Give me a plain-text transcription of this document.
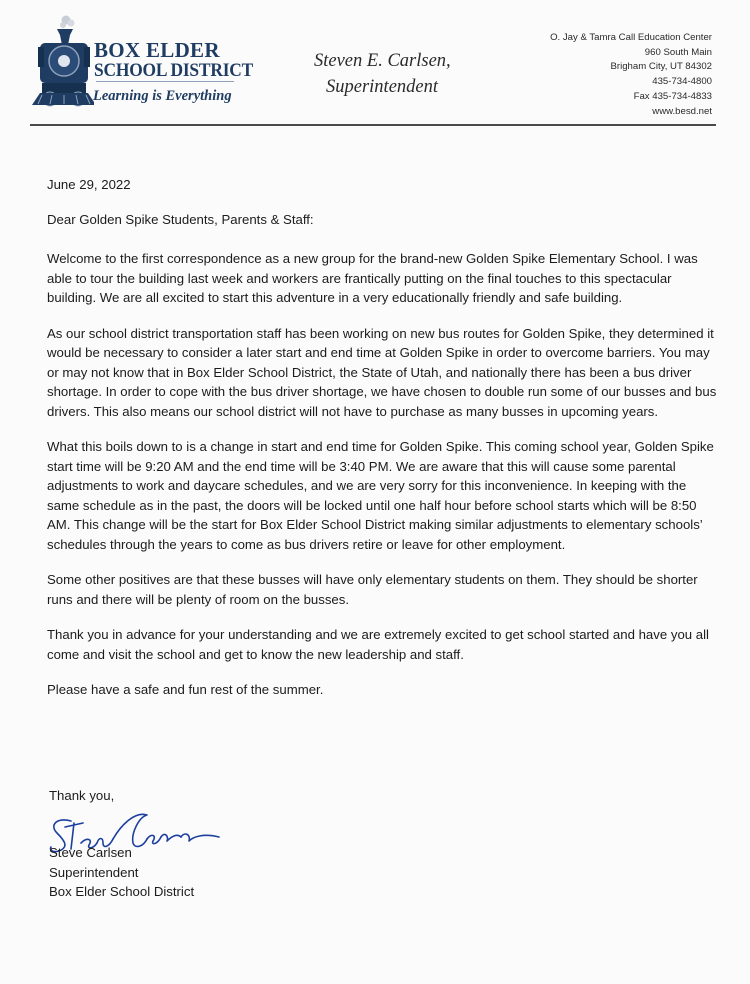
BOX ELDER
SCHOOL DISTRICT
Learning is Everything
Steven E. Carlsen,
Superintendent
O. Jay & Tamra Call Education Center
960 South Main
Brigham City, UT 84302
435-734-4800
Fax 435-734-4833
www.besd.net

June 29, 2022

Dear Golden Spike Students, Parents & Staff:

Welcome to the first correspondence as a new group for the brand-new Golden Spike Elementary School. I was able to tour the building last week and workers are frantically putting on the final touches to this spectacular building. We are all excited to start this adventure in a very educationally friendly and safe building.

As our school district transportation staff has been working on new bus routes for Golden Spike, they determined it would be necessary to consider a later start and end time at Golden Spike in order to overcome barriers. You may or may not know that in Box Elder School District, the State of Utah, and nationally there has been a bus driver shortage. In order to cope with the bus driver shortage, we have chosen to double run some of our busses and bus drivers. This also means our school district will not have to purchase as many busses in upcoming years.

What this boils down to is a change in start and end time for Golden Spike. This coming school year, Golden Spike start time will be 9:20 AM and the end time will be 3:40 PM. We are aware that this will cause some parental adjustments to work and daycare schedules, and we are very sorry for this inconvenience. In keeping with the same schedule as in the past, the doors will be locked until one half hour before school starts which will be 8:50 AM. This change will be the start for Box Elder School District making similar adjustments to elementary schools’ schedules through the years to come as bus drivers retire or leave for other employment.

Some other positives are that these busses will have only elementary students on them. They should be shorter runs and there will be plenty of room on the busses.

Thank you in advance for your understanding and we are extremely excited to get school started and have you all come and visit the school and get to know the new leadership and staff.

Please have a safe and fun rest of the summer.

Thank you,
Steve Carlsen
Superintendent
Box Elder School District
